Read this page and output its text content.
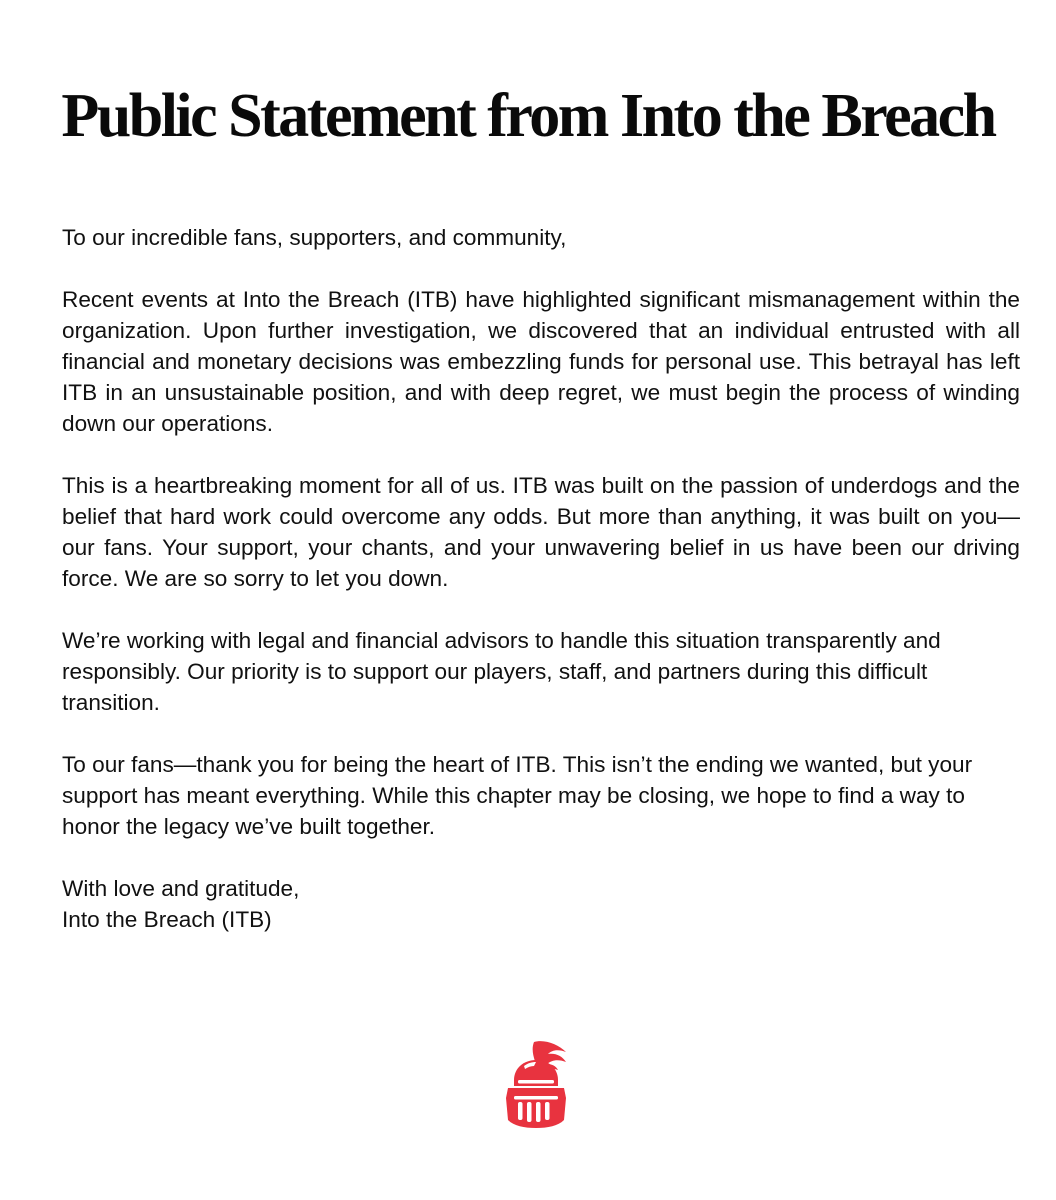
Public Statement from Into the Breach

To our incredible fans, supporters, and community,

Recent events at Into the Breach (ITB) have highlighted significant mismanagement within the organization. Upon further investigation, we discovered that an individual entrusted with all financial and monetary decisions was embezzling funds for personal use. This betrayal has left ITB in an unsustainable position, and with deep regret, we must begin the process of winding down our operations.

This is a heartbreaking moment for all of us. ITB was built on the passion of underdogs and the belief that hard work could overcome any odds. But more than anything, it was built on you—our fans. Your support, your chants, and your unwavering belief in us have been our driving force. We are so sorry to let you down.

We’re working with legal and financial advisors to handle this situation transparently and responsibly. Our priority is to support our players, staff, and partners during this difficult transition.

To our fans—thank you for being the heart of ITB. This isn’t the ending we wanted, but your support has meant everything. While this chapter may be closing, we hope to find a way to honor the legacy we’ve built together.

With love and gratitude,
Into the Breach (ITB)
